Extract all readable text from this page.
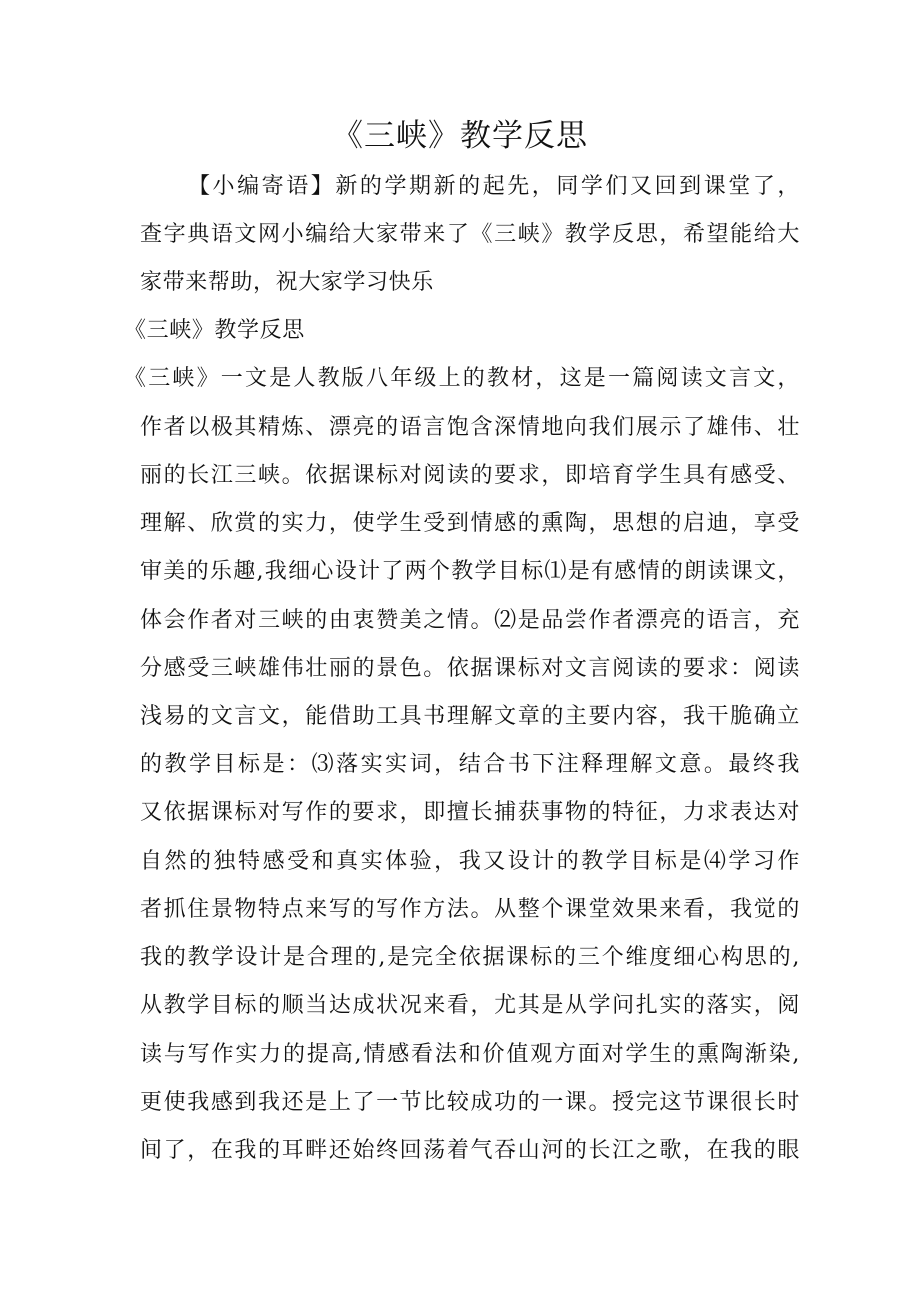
《三峡》教学反思
【小编寄语】新的学期新的起先，同学们又回到课堂了，
查字典语文网小编给大家带来了《三峡》教学反思，希望能给大
家带来帮助，祝大家学习快乐
《三峡》教学反思
《三峡》一文是人教版八年级上的教材，这是一篇阅读文言文，
作者以极其精炼、漂亮的语言饱含深情地向我们展示了雄伟、壮
丽的长江三峡。依据课标对阅读的要求，即培育学生具有感受、
理解、欣赏的实力，使学生受到情感的熏陶，思想的启迪，享受
审美的乐趣,我细心设计了两个教学目标⑴是有感情的朗读课文，
体会作者对三峡的由衷赞美之情。⑵是品尝作者漂亮的语言，充
分感受三峡雄伟壮丽的景色。依据课标对文言阅读的要求：阅读
浅易的文言文，能借助工具书理解文章的主要内容，我干脆确立
的教学目标是：⑶落实实词，结合书下注释理解文意。最终我
又依据课标对写作的要求，即擅长捕获事物的特征，力求表达对
自然的独特感受和真实体验，我又设计的教学目标是⑷学习作
者抓住景物特点来写的写作方法。从整个课堂效果来看，我觉的
我的教学设计是合理的,是完全依据课标的三个维度细心构思的,
从教学目标的顺当达成状况来看，尤其是从学问扎实的落实，阅
读与写作实力的提高,情感看法和价值观方面对学生的熏陶渐染,
更使我感到我还是上了一节比较成功的一课。授完这节课很长时
间了，在我的耳畔还始终回荡着气吞山河的长江之歌，在我的眼
